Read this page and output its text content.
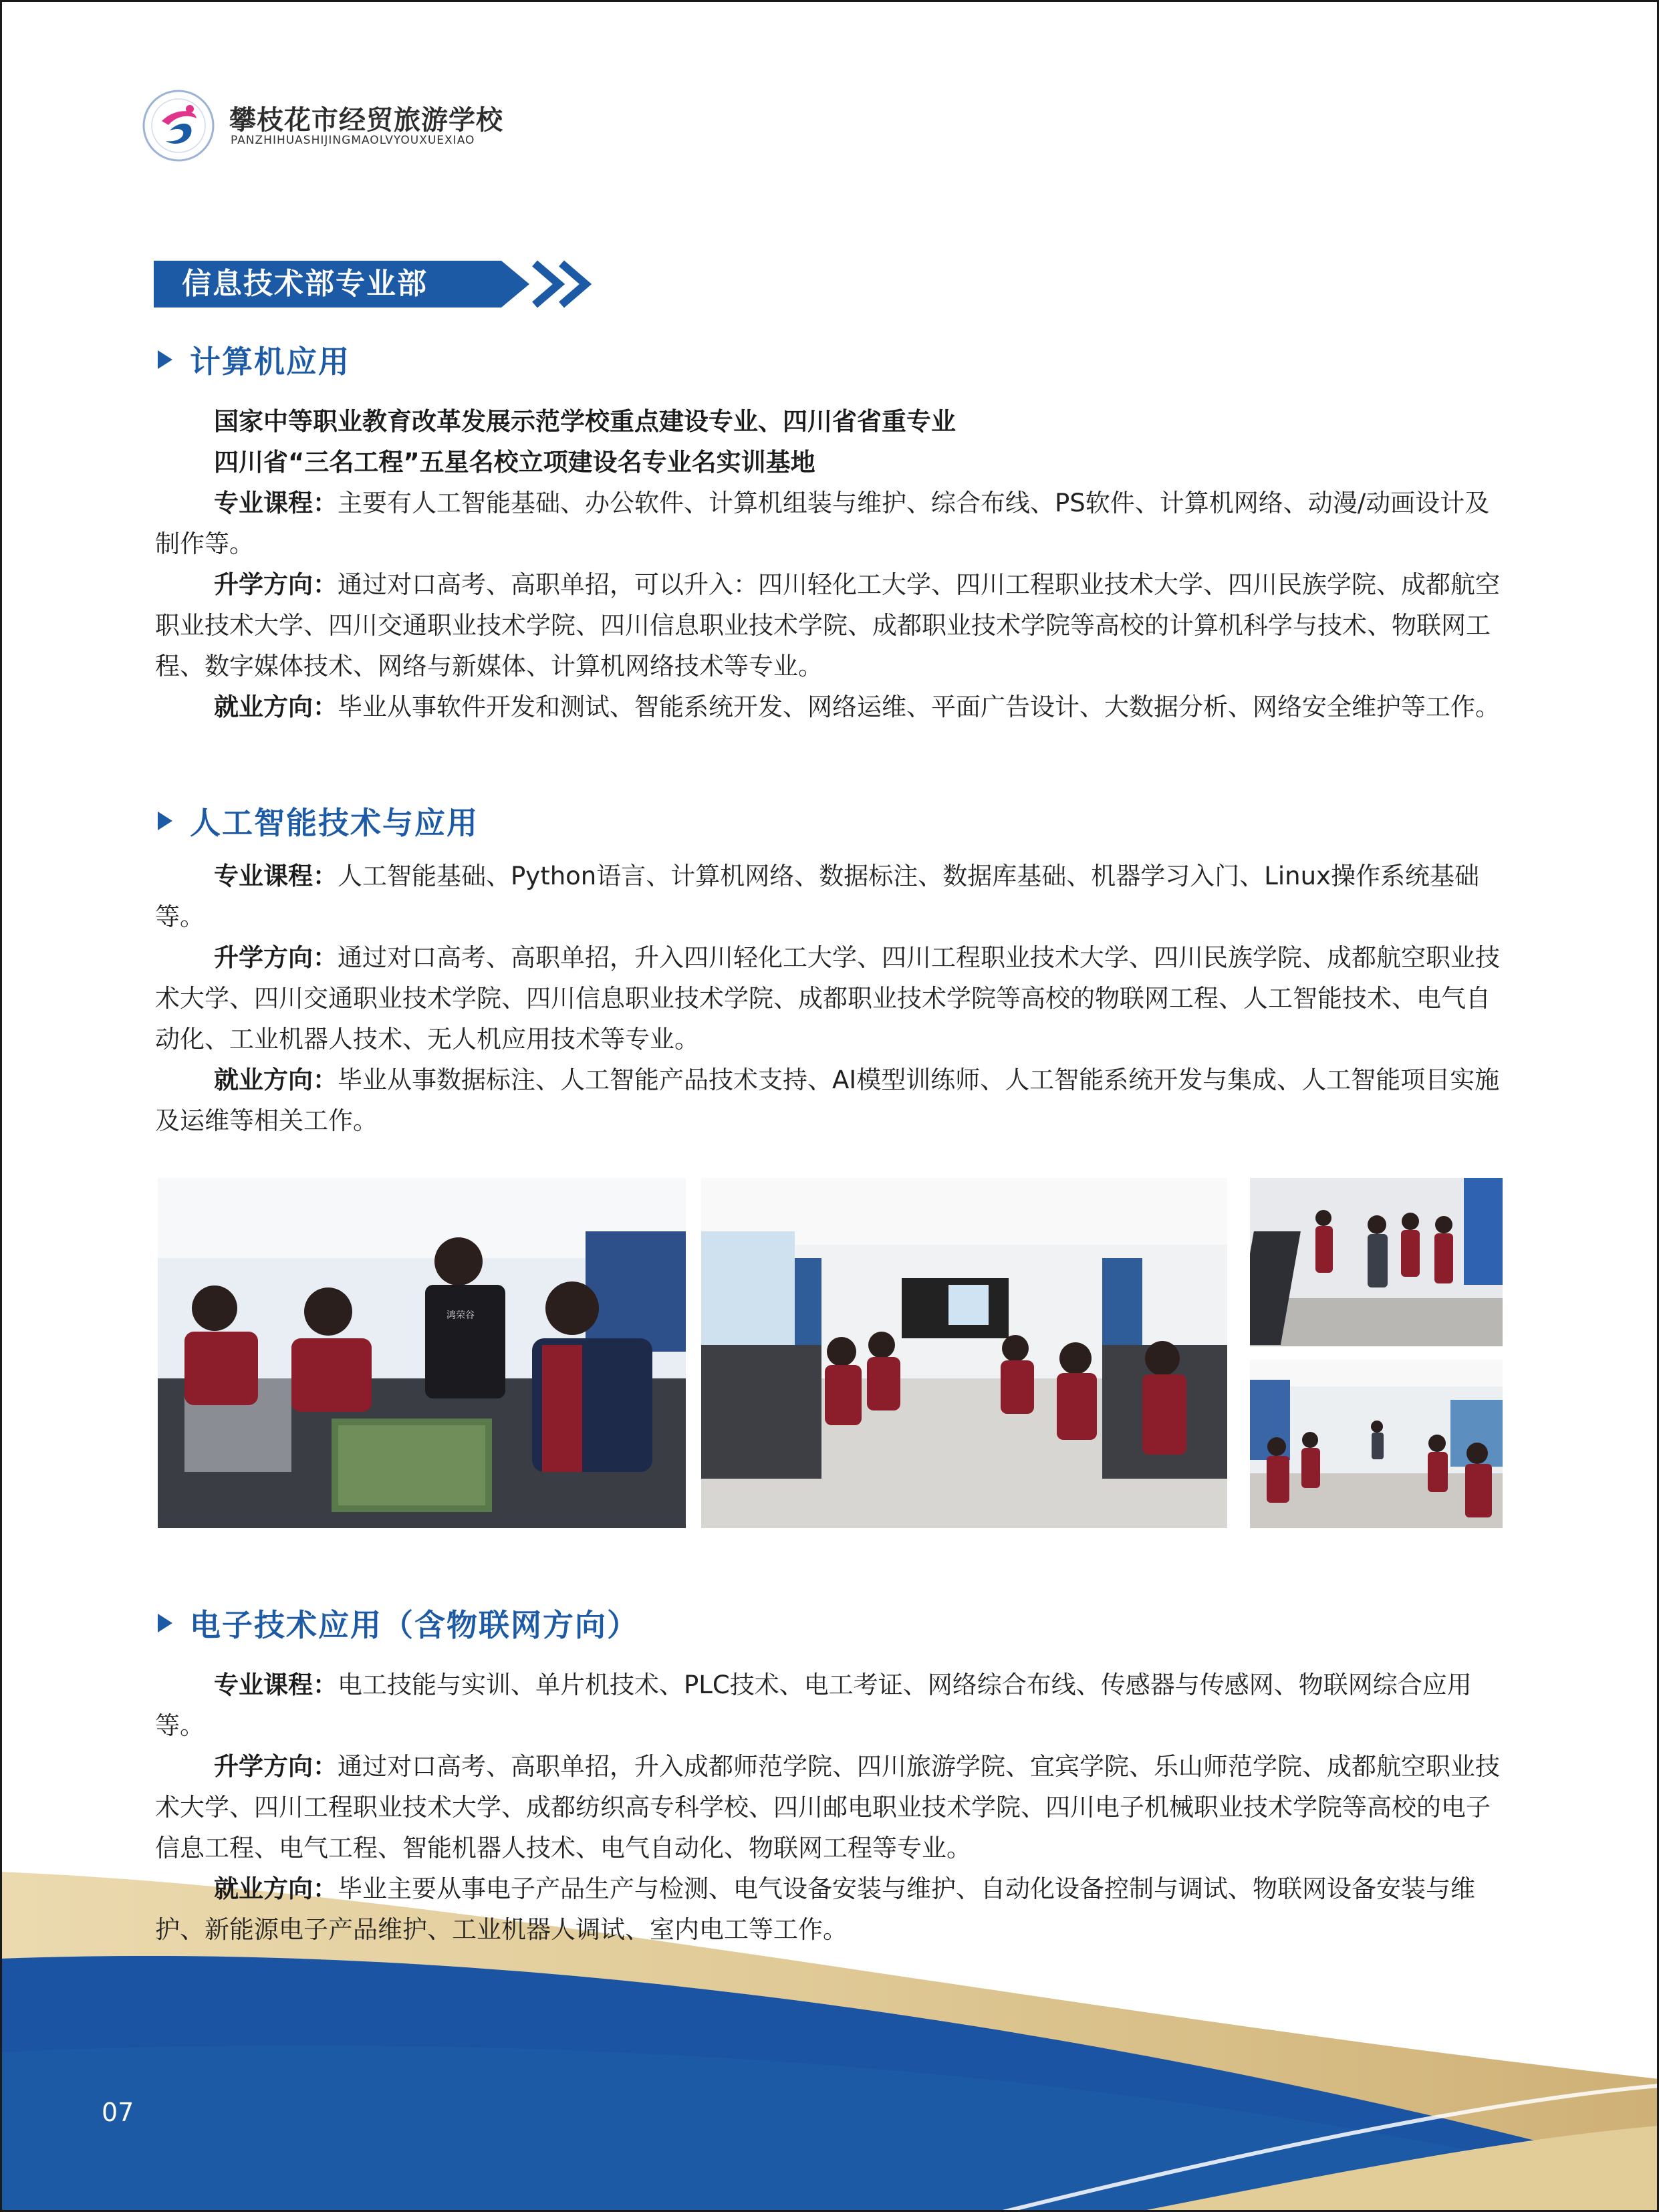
攀枝花市经贸旅游学校
PANZHIHUASHIJINGMAOLVYOUXUEXIAO
信息技术部专业部
计算机应用
国家中等职业教育改革发展示范学校重点建设专业、四川省省重专业
四川省“三名工程”五星名校立项建设名专业名实训基地

专业课程：主要有人工智能基础、办公软件、计算机组装与维护、综合布线、PS软件、计算机网络、动漫/动画设计及制作等。

升学方向：通过对口高考、高职单招，可以升入：四川轻化工大学、四川工程职业技术大学、四川民族学院、成都航空职业技术大学、四川交通职业技术学院、四川信息职业技术学院、成都职业技术学院等高校的计算机科学与技术、物联网工程、数字媒体技术、网络与新媒体、计算机网络技术等专业。

就业方向：毕业从事软件开发和测试、智能系统开发、网络运维、平面广告设计、大数据分析、网络安全维护等工作。

人工智能技术与应用

专业课程：人工智能基础、Python语言、计算机网络、数据标注、数据库基础、机器学习入门、Linux操作系统基础等。

升学方向：通过对口高考、高职单招，升入四川轻化工大学、四川工程职业技术大学、四川民族学院、成都航空职业技术大学、四川交通职业技术学院、四川信息职业技术学院、成都职业技术学院等高校的物联网工程、人工智能技术、电气自动化、工业机器人技术、无人机应用技术等专业。

就业方向：毕业从事数据标注、人工智能产品技术支持、AI模型训练师、人工智能系统开发与集成、人工智能项目实施及运维等相关工作。

鸿荣谷
电子技术应用（含物联网方向）

专业课程：电工技能与实训、单片机技术、PLC技术、电工考证、网络综合布线、传感器与传感网、物联网综合应用等。

升学方向：通过对口高考、高职单招，升入成都师范学院、四川旅游学院、宜宾学院、乐山师范学院、成都航空职业技术大学、四川工程职业技术大学、成都纺织高专科学校、四川邮电职业技术学院、四川电子机械职业技术学院等高校的电子信息工程、电气工程、智能机器人技术、电气自动化、物联网工程等专业。

就业方向：毕业主要从事电子产品生产与检测、电气设备安装与维护、自动化设备控制与调试、物联网设备安装与维护、新能源电子产品维护、工业机器人调试、室内电工等工作。

07
